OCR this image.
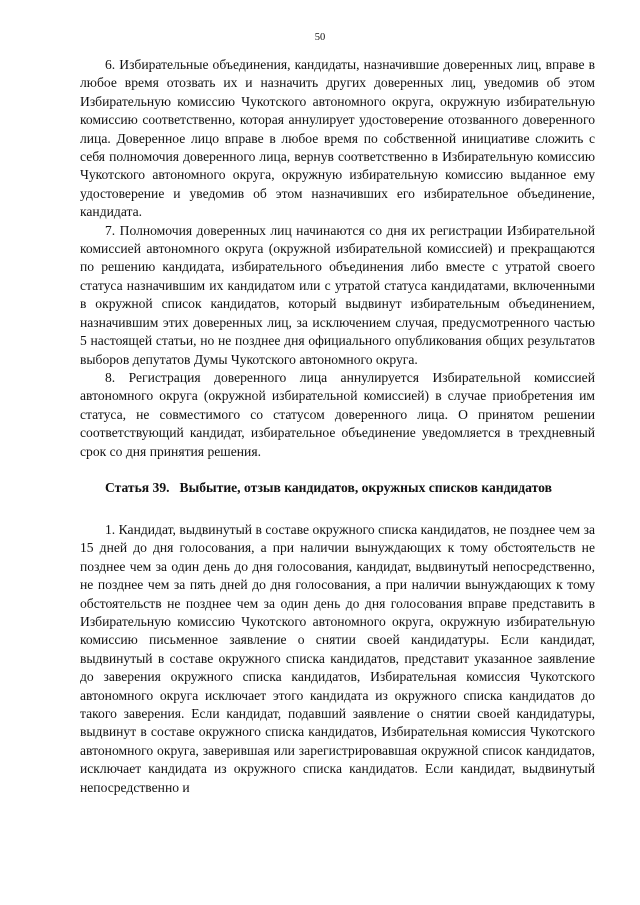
50

6. Избирательные объединения, кандидаты, назначившие доверенных лиц, вправе в любое время отозвать их и назначить других доверенных лиц, уведомив об этом Избирательную комиссию Чукотского автономного округа, окружную избирательную комиссию соответственно, которая аннулирует удостоверение отозванного доверенного лица. Доверенное лицо вправе в любое время по собственной инициативе сложить с себя полномочия доверенного лица, вернув соответственно в Избирательную комиссию Чукотского автономного округа, окружную избирательную комиссию выданное ему удостоверение и уведомив об этом назначивших его избирательное объединение, кандидата.

7. Полномочия доверенных лиц начинаются со дня их регистрации Избирательной комиссией автономного округа (окружной избирательной комиссией) и прекращаются по решению кандидата, избирательного объединения либо вместе с утратой своего статуса назначившим их кандидатом или с утратой статуса кандидатами, включенными в окружной список кандидатов, который выдвинут избирательным объединением, назначившим этих доверенных лиц, за исключением случая, предусмотренного частью 5 настоящей статьи, но не позднее дня официального опубликования общих результатов выборов депутатов Думы Чукотского автономного округа.

8. Регистрация доверенного лица аннулируется Избирательной комиссией автономного округа (окружной избирательной комиссией) в случае приобретения им статуса, не совместимого со статусом доверенного лица. О принятом решении соответствующий кандидат, избирательное объединение уведомляется в трехдневный срок со дня принятия решения.

Статья 39. Выбытие, отзыв кандидатов, окружных списков кандидатов

1. Кандидат, выдвинутый в составе окружного списка кандидатов, не позднее чем за 15 дней до дня голосования, а при наличии вынуждающих к тому обстоятельств не позднее чем за один день до дня голосования, кандидат, выдвинутый непосредственно, не позднее чем за пять дней до дня голосования, а при наличии вынуждающих к тому обстоятельств не позднее чем за один день до дня голосования вправе представить в Избирательную комиссию Чукотского автономного округа, окружную избирательную комиссию письменное заявление о снятии своей кандидатуры. Если кандидат, выдвинутый в составе окружного списка кандидатов, представит указанное заявление до заверения окружного списка кандидатов, Избирательная комиссия Чукотского автономного округа исключает этого кандидата из окружного списка кандидатов до такого заверения. Если кандидат, подавший заявление о снятии своей кандидатуры, выдвинут в составе окружного списка кандидатов, Избирательная комиссия Чукотского автономного округа, заверившая или зарегистрировавшая окружной список кандидатов, исключает кандидата из окружного списка кандидатов. Если кандидат, выдвинутый непосредственно и
